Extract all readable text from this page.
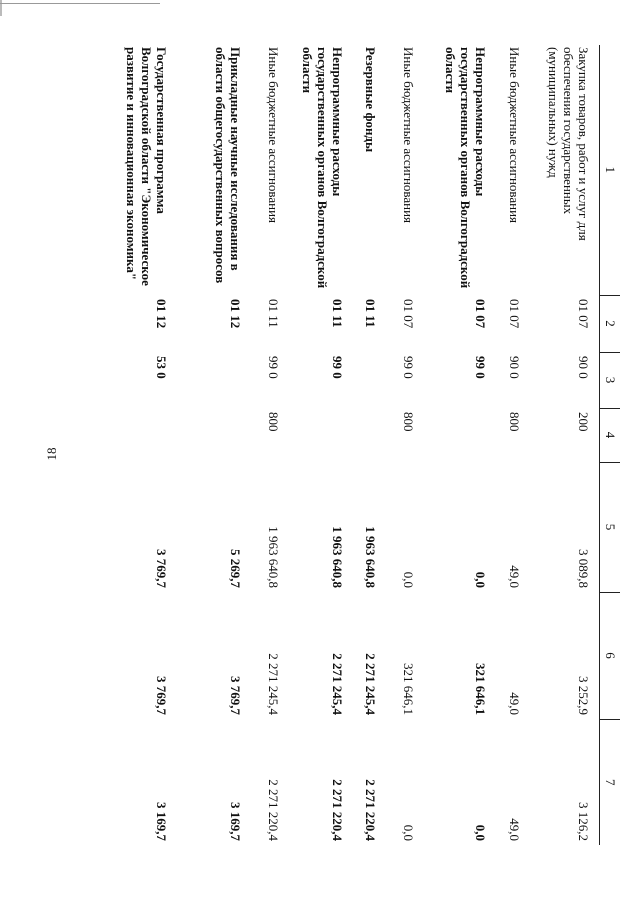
18
1	2	3	4	5	6	7
Закупка товаров, работ и услуг для обеспечения государственных (муниципальных) нужд	01 07	90 0	200	3 089,8	3 252,9	3 126,2
Иные бюджетные ассигнования	01 07	90 0	800	49,0	49,0	49,0
Непрограммные расходы государственных органов Волгоградской области	01 07	99 0		0,0	321 646,1	0,0
Иные бюджетные ассигнования	01 07	99 0	800	0,0	321 646,1	0,0
Резервные фонды	01 11			1 963 640,8	2 271 245,4	2 271 220,4
Непрограммные расходы государственных органов Волгоградской области	01 11	99 0		1 963 640,8	2 271 245,4	2 271 220,4
Иные бюджетные ассигнования	01 11	99 0	800	1 963 640,8	2 271 245,4	2 271 220,4
Прикладные научные исследования в области общегосударственных вопросов	01 12			5 269,7	3 769,7	3 169,7
Государственная программа Волгоградской области "Экономическое развитие и инновационная экономика"	01 12	53 0		3 769,7	3 769,7	3 169,7
